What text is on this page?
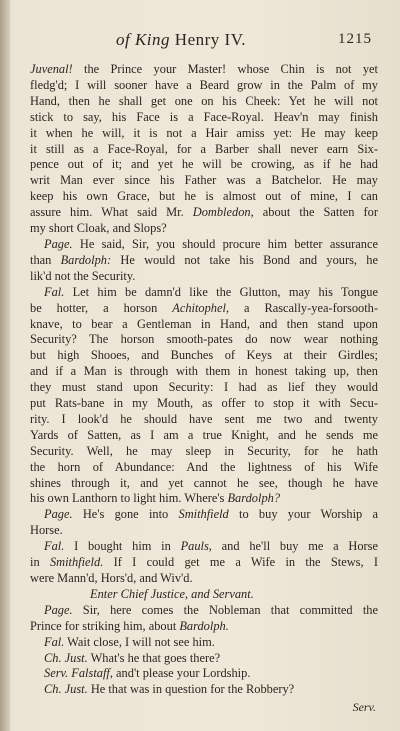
of King Henry IV.	1215
Juvenal! the Prince your Master! whose Chin is not yet
fledg'd; I will sooner have a Beard grow in the Palm of my
Hand, then he shall get one on his Cheek: Yet he will not
stick to say, his Face is a Face-Royal. Heav'n may finish
it when he will, it is not a Hair amiss yet: He may keep
it still as a Face-Royal, for a Barber shall never earn Six-
pence out of it; and yet he will be crowing, as if he had
writ Man ever since his Father was a Batchelor. He may
keep his own Grace, but he is almost out of mine, I can
assure him. What said Mr. Dombledon, about the Satten for
my short Cloak, and Slops?
Page. He said, Sir, you should procure him better assurance
than Bardolph: He would not take his Bond and yours, he
lik'd not the Security.
Fal. Let him be damn'd like the Glutton, may his Tongue
be hotter, a horson Achitophel, a Rascally-yea-forsooth-
knave, to bear a Gentleman in Hand, and then stand upon
Security? The horson smooth-pates do now wear nothing
but high Shooes, and Bunches of Keys at their Girdles;
and if a Man is through with them in honest taking up, then
they must stand upon Security: I had as lief they would
put Rats-bane in my Mouth, as offer to stop it with Secu-
rity. I look'd he should have sent me two and twenty
Yards of Satten, as I am a true Knight, and he sends me
Security. Well, he may sleep in Security, for he hath
the horn of Abundance: And the lightness of his Wife
shines through it, and yet cannot he see, though he have
his own Lanthorn to light him. Where's Bardolph?
Page. He's gone into Smithfield to buy your Worship a
Horse.
Fal. I bought him in Pauls, and he'll buy me a Horse
in Smithfield. If I could get me a Wife in the Stews, I
were Mann'd, Hors'd, and Wiv'd.
Enter Chief Justice, and Servant.
Page. Sir, here comes the Nobleman that committed the
Prince for striking him, about Bardolph.
Fal. Wait close, I will not see him.
Ch. Just. What's he that goes there?
Serv. Falstaff, and't please your Lordship.
Ch. Just. He that was in question for the Robbery?
Serv.
